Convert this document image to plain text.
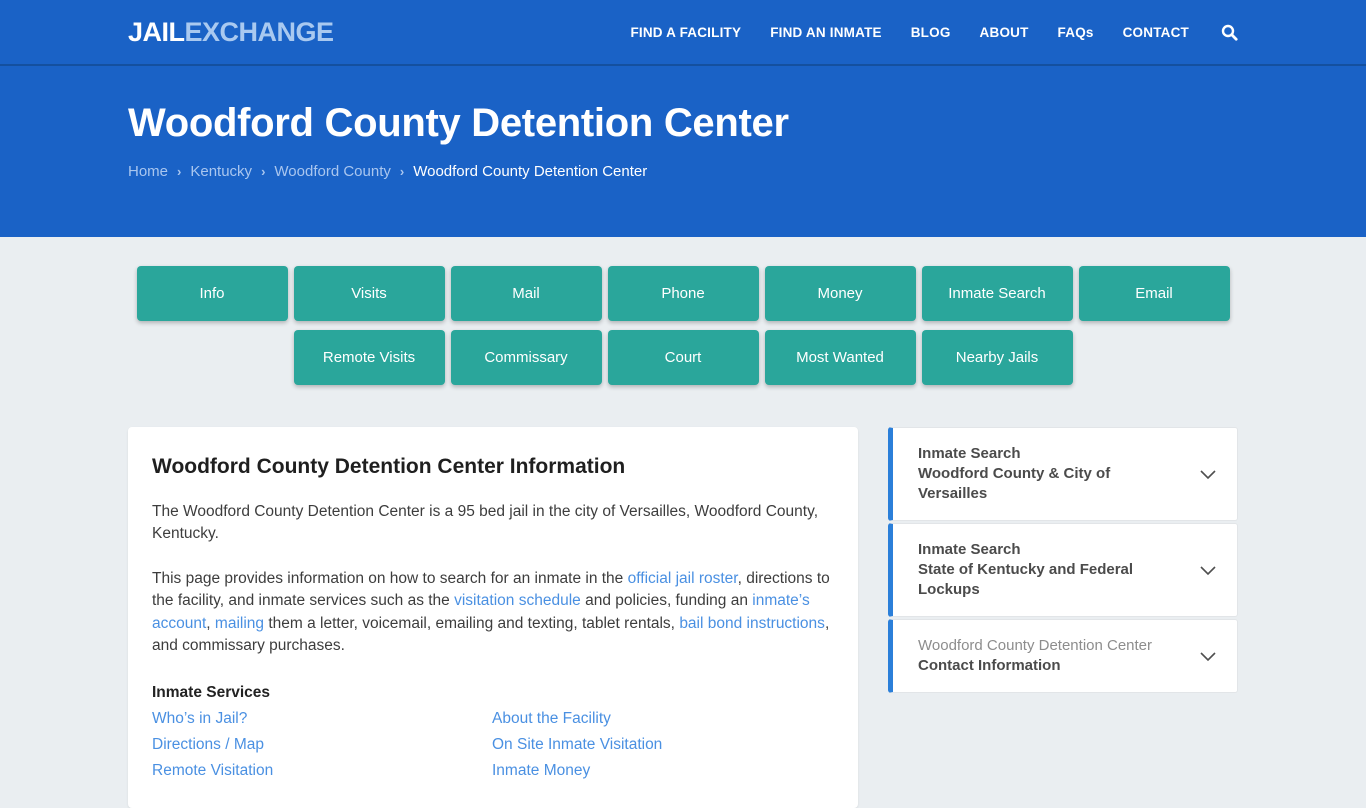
JAILEXCHANGE	FIND A FACILITY FIND AN INMATE BLOG ABOUT FAQs CONTACT
Woodford County Detention Center
Home › Kentucky › Woodford County › Woodford County Detention Center
Info	Visits	Mail	Phone	Money	Inmate Search	Email
Remote Visits	Commissary	Court	Most Wanted	Nearby Jails
Woodford County Detention Center Information

The Woodford County Detention Center is a 95 bed jail in the city of Versailles, Woodford County, Kentucky.

This page provides information on how to search for an inmate in the official jail roster, directions to the facility, and inmate services such as the visitation schedule and policies, funding an inmate’s account, mailing them a letter, voicemail, emailing and texting, tablet rentals, bail bond instructions, and commissary purchases.

Inmate Services
Who’s in Jail?
Directions / Map
Remote Visitation
About the Facility
On Site Inmate Visitation
Inmate Money
Inmate Search
Woodford County & City of Versailles
Inmate Search
State of Kentucky and Federal Lockups
Woodford County Detention Center
Contact Information
